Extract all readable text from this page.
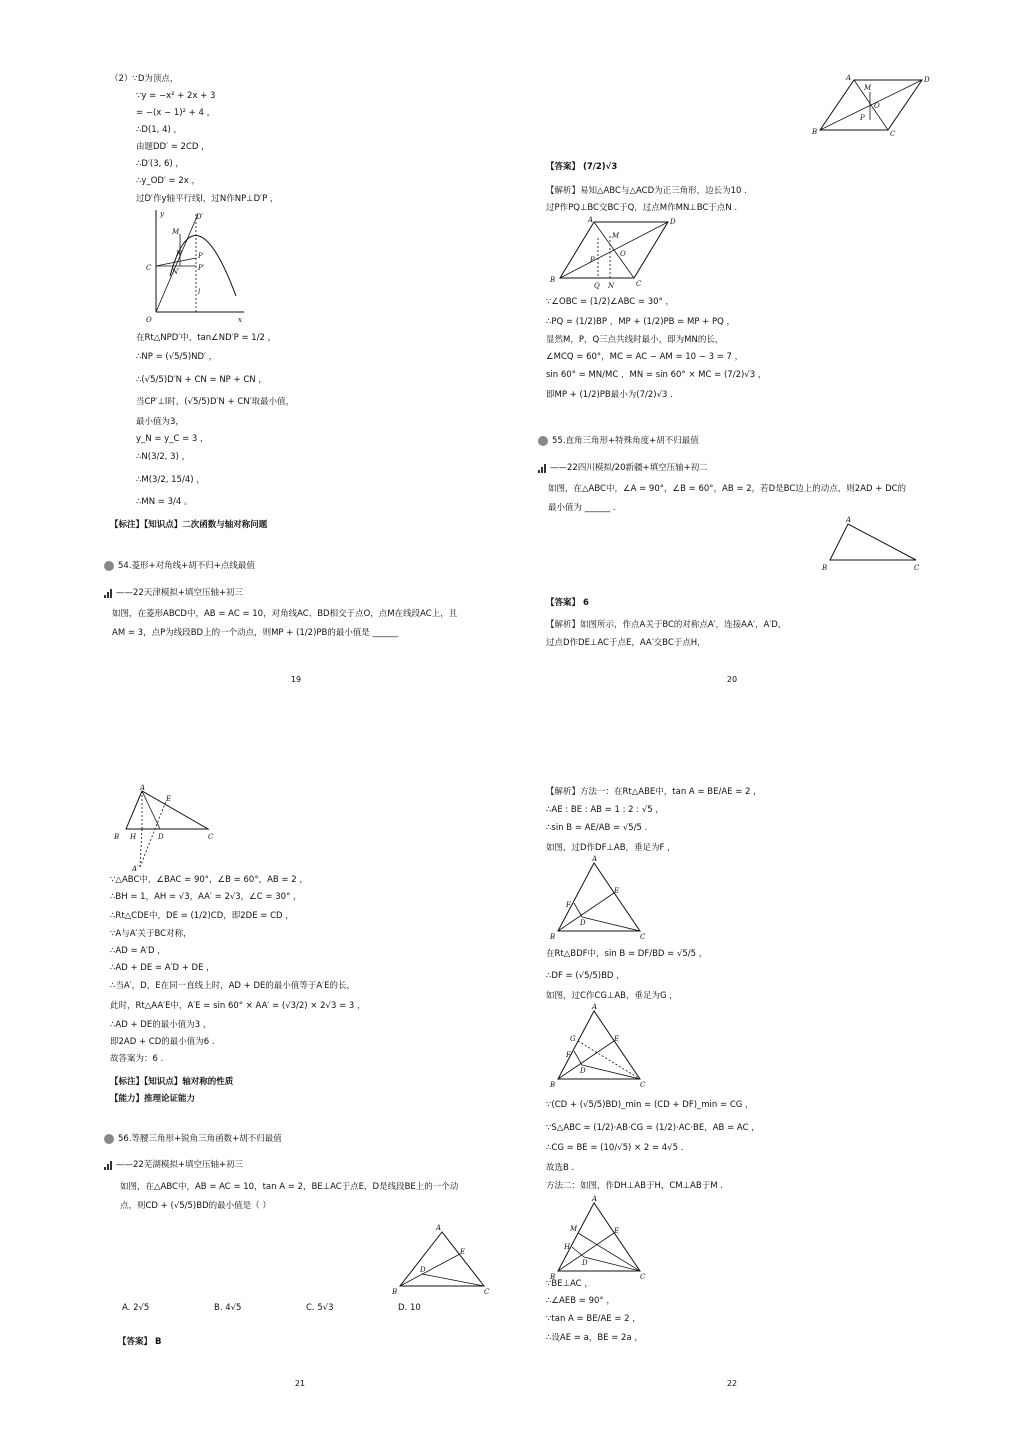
（2）∵D为顶点，
∵y = −x² + 2x + 3
= −(x − 1)² + 4 ，
∴D(1, 4) ，
由题DD′ = 2CD ，
∴D′(3, 6) ，
∴y_OD′ = 2x ，
过D′作y轴平行线l，过N作NP⊥D′P ，
y	D′
M
N
C	N′
P
P′
l
O	x
在Rt△NPD′中，tan∠ND′P = 1/2 ，
∴NP = (√5/5)ND′ ，
∴(√5/5)D′N + CN = NP + CN ，
当CP′⊥l时，(√5/5)D′N + CN′取最小值，
最小值为3，
y_N = y_C = 3 ，
∴N(3/2, 3) ，
∴M(3/2, 15/4) ，
∴MN = 3/4 。
【标注】【知识点】二次函数与轴对称问题
54.菱形+对角线+胡不归+点线最值
——22天津模拟+填空压轴+初三
如图，在菱形ABCD中，AB = AC = 10，对角线AC、BD相交于点O，点M在线段AC上，且
AM = 3，点P为线段BD上的一个动点，则MP + (1/2)PB的最小值是 ______
19
A	D
M
O
P
B	C
【答案】 (7/2)√3
【解析】易知△ABC与△ACD为正三角形，边长为10 .
过P作PQ⊥BC交BC于Q，过点M作MN⊥BC于点N .
A	D
M
O
P
B
Q N	C
∵∠OBC = (1/2)∠ABC = 30° ，
∴PQ = (1/2)BP ，MP + (1/2)PB = MP + PQ ，
显然M，P，Q三点共线时最小，即为MN的长，
∠MCQ = 60°，MC = AC − AM = 10 − 3 = 7 ，
sin 60° = MN/MC ，MN = sin 60° × MC = (7/2)√3 ，
即MP + (1/2)PB最小为(7/2)√3 .
55.直角三角形+特殊角度+胡不归最值
——22四川模拟/20新疆+填空压轴+初二
如图，在△ABC中，∠A = 90°，∠B = 60°，AB = 2，若D是BC边上的动点，则2AD + DC的
最小值为 ______ .
A
B	C
【答案】 6
【解析】如图所示，作点A关于BC的对称点A′，连接AA′，A′D，
过点D作DE⊥AC于点E，AA′交BC于点H，
20
A
E
B H	D	C
A′
∵△ABC中，∠BAC = 90°，∠B = 60°，AB = 2 ，
∴BH = 1，AH = √3，AA′ = 2√3，∠C = 30° ，
∴Rt△CDE中，DE = (1/2)CD，即2DE = CD ，
∵A与A′关于BC对称，
∴AD = A′D ，
∴AD + DE = A′D + DE ，
∴当A′，D，E在同一直线上时，AD + DE的最小值等于A′E的长，
此时，Rt△AA′E中，A′E = sin 60° × AA′ = (√3/2) × 2√3 = 3 ，
∴AD + DE的最小值为3 ，
即2AD + CD的最小值为6 .
故答案为：6 .
【标注】【知识点】轴对称的性质
【能力】推理论证能力
56.等腰三角形+锐角三角函数+胡不归最值
——22芜湖模拟+填空压轴+初三
如图，在△ABC中，AB = AC = 10，tan A = 2，BE⊥AC于点E，D是线段BE上的一个动
点，则CD + (√5/5)BD的最小值是（ ）
A. 2√5	B. 4√5	C. 5√3	D. 10
【答案】 B
21
A
E
D
B	C
【解析】方法一：在Rt△ABE中，tan A = BE/AE = 2 ，
∴AE : BE : AB = 1 : 2 : √5 ，
∴sin B = AE/AB = √5/5 .
如图，过D作DF⊥AB，垂足为F ，
A
E
F
D
B	C
在Rt△BDF中，sin B = DF/BD = √5/5 ，
∴DF = (√5/5)BD ，
如图，过C作CG⊥AB，垂足为G ，
A
G	E
F
D
B	C
∵(CD + (√5/5)BD)_min = (CD + DF)_min = CG ，
∵S△ABC = (1/2)·AB·CG = (1/2)·AC·BE，AB = AC ，
∴CG = BE = (10/√5) × 2 = 4√5 .
故选B .
方法二：如图，作DH⊥AB于H，CM⊥AB于M .
A
M	E
H
D
B	C
∵BE⊥AC ，
∴∠AEB = 90° ，
∵tan A = BE/AE = 2 ，
∴设AE = a，BE = 2a ，
22
